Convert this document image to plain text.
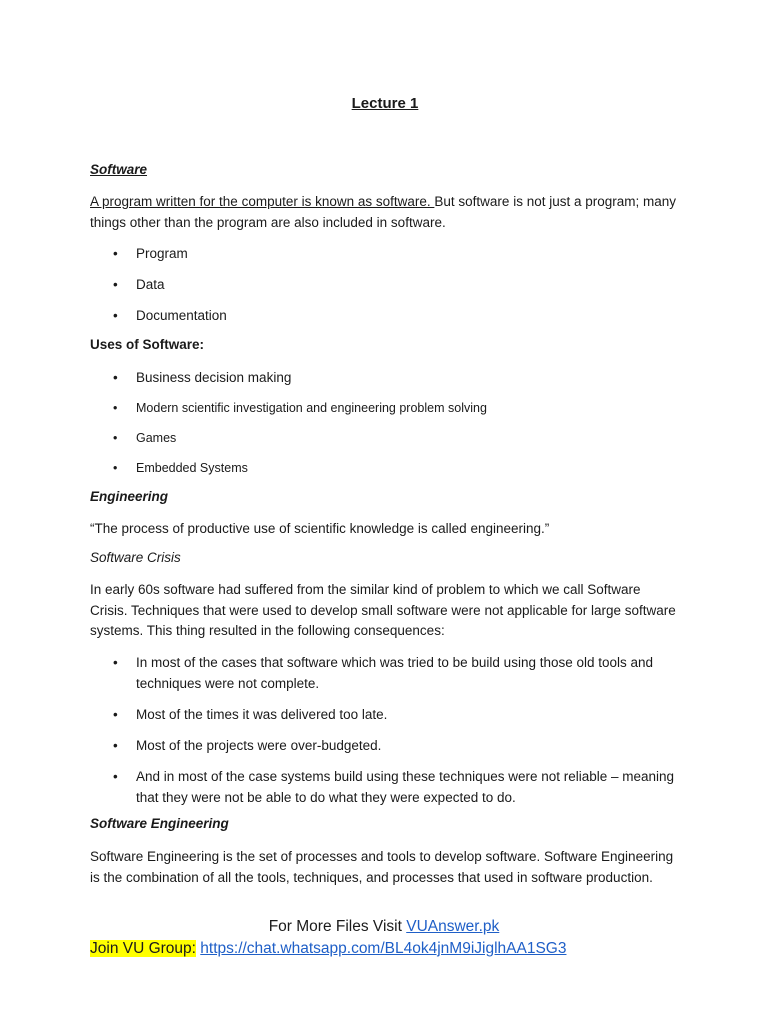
Lecture 1
Software

A program written for the computer is known as software. But software is not just a program; many things other than the program are also included in software.

• Program
• Data
• Documentation
Uses of Software:
• Business decision making
• Modern scientific investigation and engineering problem solving
• Games
• Embedded Systems
Engineering

“The process of productive use of scientific knowledge is called engineering.”

Software Crisis

In early 60s software had suffered from the similar kind of problem to which we call Software Crisis. Techniques that were used to develop small software were not applicable for large software systems. This thing resulted in the following consequences:

• In most of the cases that software which was tried to be build using those old tools and techniques were not complete.
• Most of the times it was delivered too late.
• Most of the projects were over-budgeted.
• And in most of the case systems build using these techniques were not reliable – meaning that they were not be able to do what they were expected to do.
Software Engineering

Software Engineering is the set of processes and tools to develop software. Software Engineering is the combination of all the tools, techniques, and processes that used in software production.

For More Files Visit VUAnswer.pk
Join VU Group: https://chat.whatsapp.com/BL4ok4jnM9iJiglhAA1SG3
